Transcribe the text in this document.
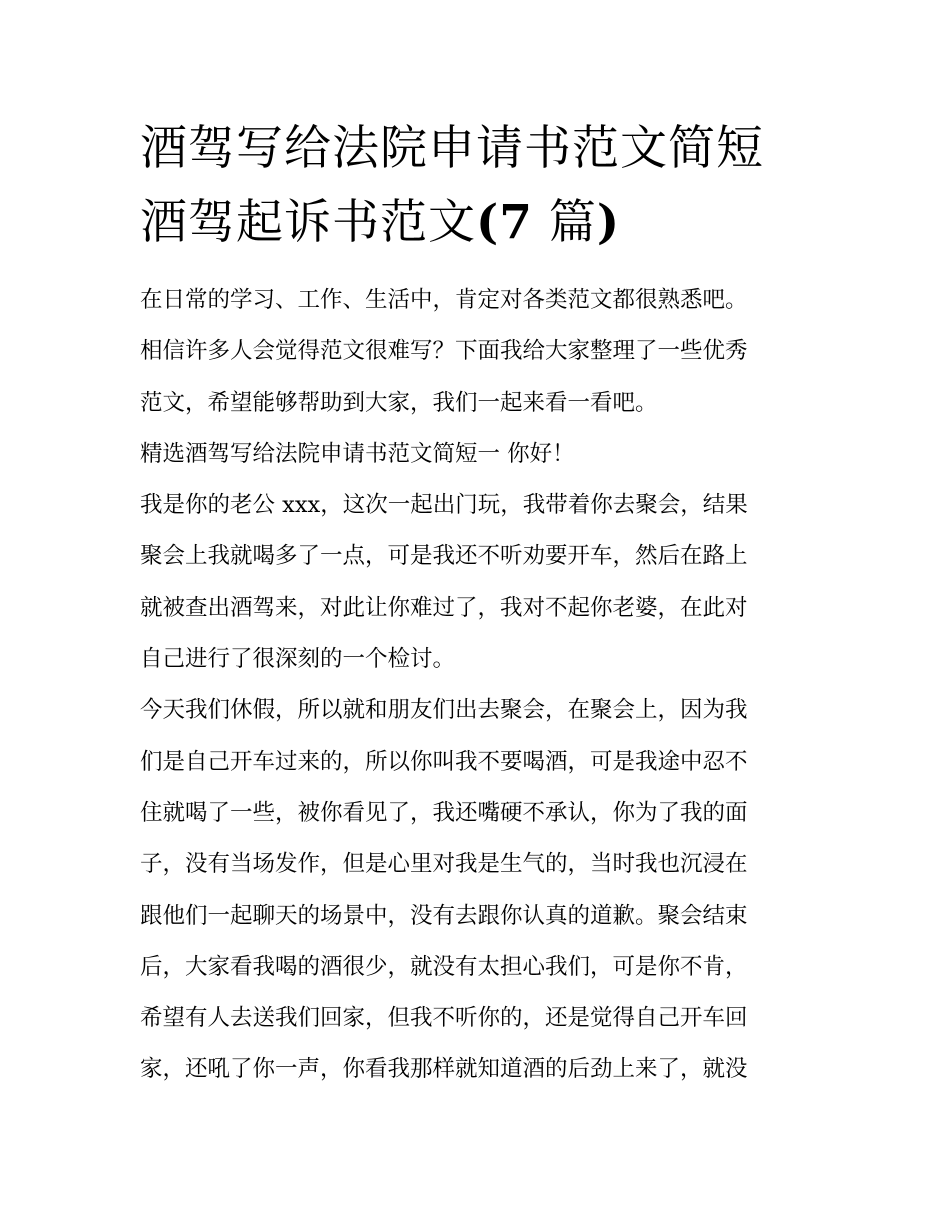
酒驾写给法院申请书范文简短
酒驾起诉书范文(7 篇)
在日常的学习、工作、生活中，肯定对各类范文都很熟悉吧。
相信许多人会觉得范文很难写？下面我给大家整理了一些优秀
范文，希望能够帮助到大家，我们一起来看一看吧。
精选酒驾写给法院申请书范文简短一 你好！
我是你的老公 xxx，这次一起出门玩，我带着你去聚会，结果
聚会上我就喝多了一点，可是我还不听劝要开车，然后在路上
就被查出酒驾来，对此让你难过了，我对不起你老婆，在此对
自己进行了很深刻的一个检讨。
今天我们休假，所以就和朋友们出去聚会，在聚会上，因为我
们是自己开车过来的，所以你叫我不要喝酒，可是我途中忍不
住就喝了一些，被你看见了，我还嘴硬不承认，你为了我的面
子，没有当场发作，但是心里对我是生气的，当时我也沉浸在
跟他们一起聊天的场景中，没有去跟你认真的道歉。聚会结束
后，大家看我喝的酒很少，就没有太担心我们，可是你不肯，
希望有人去送我们回家，但我不听你的，还是觉得自己开车回
家，还吼了你一声，你看我那样就知道酒的后劲上来了，就没
